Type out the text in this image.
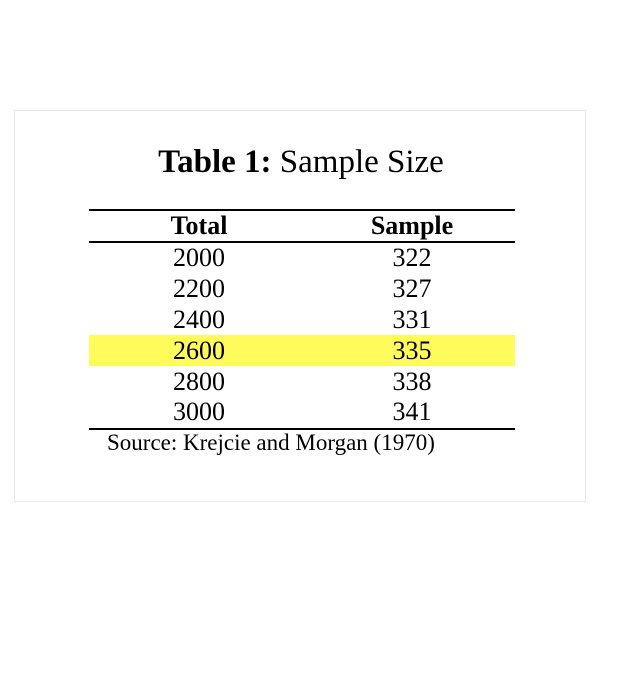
Table 1: Sample Size
Total	Sample
2000	322
2200	327
2400	331
2600	335
2800	338
3000	341
Source: Krejcie and Morgan (1970)
